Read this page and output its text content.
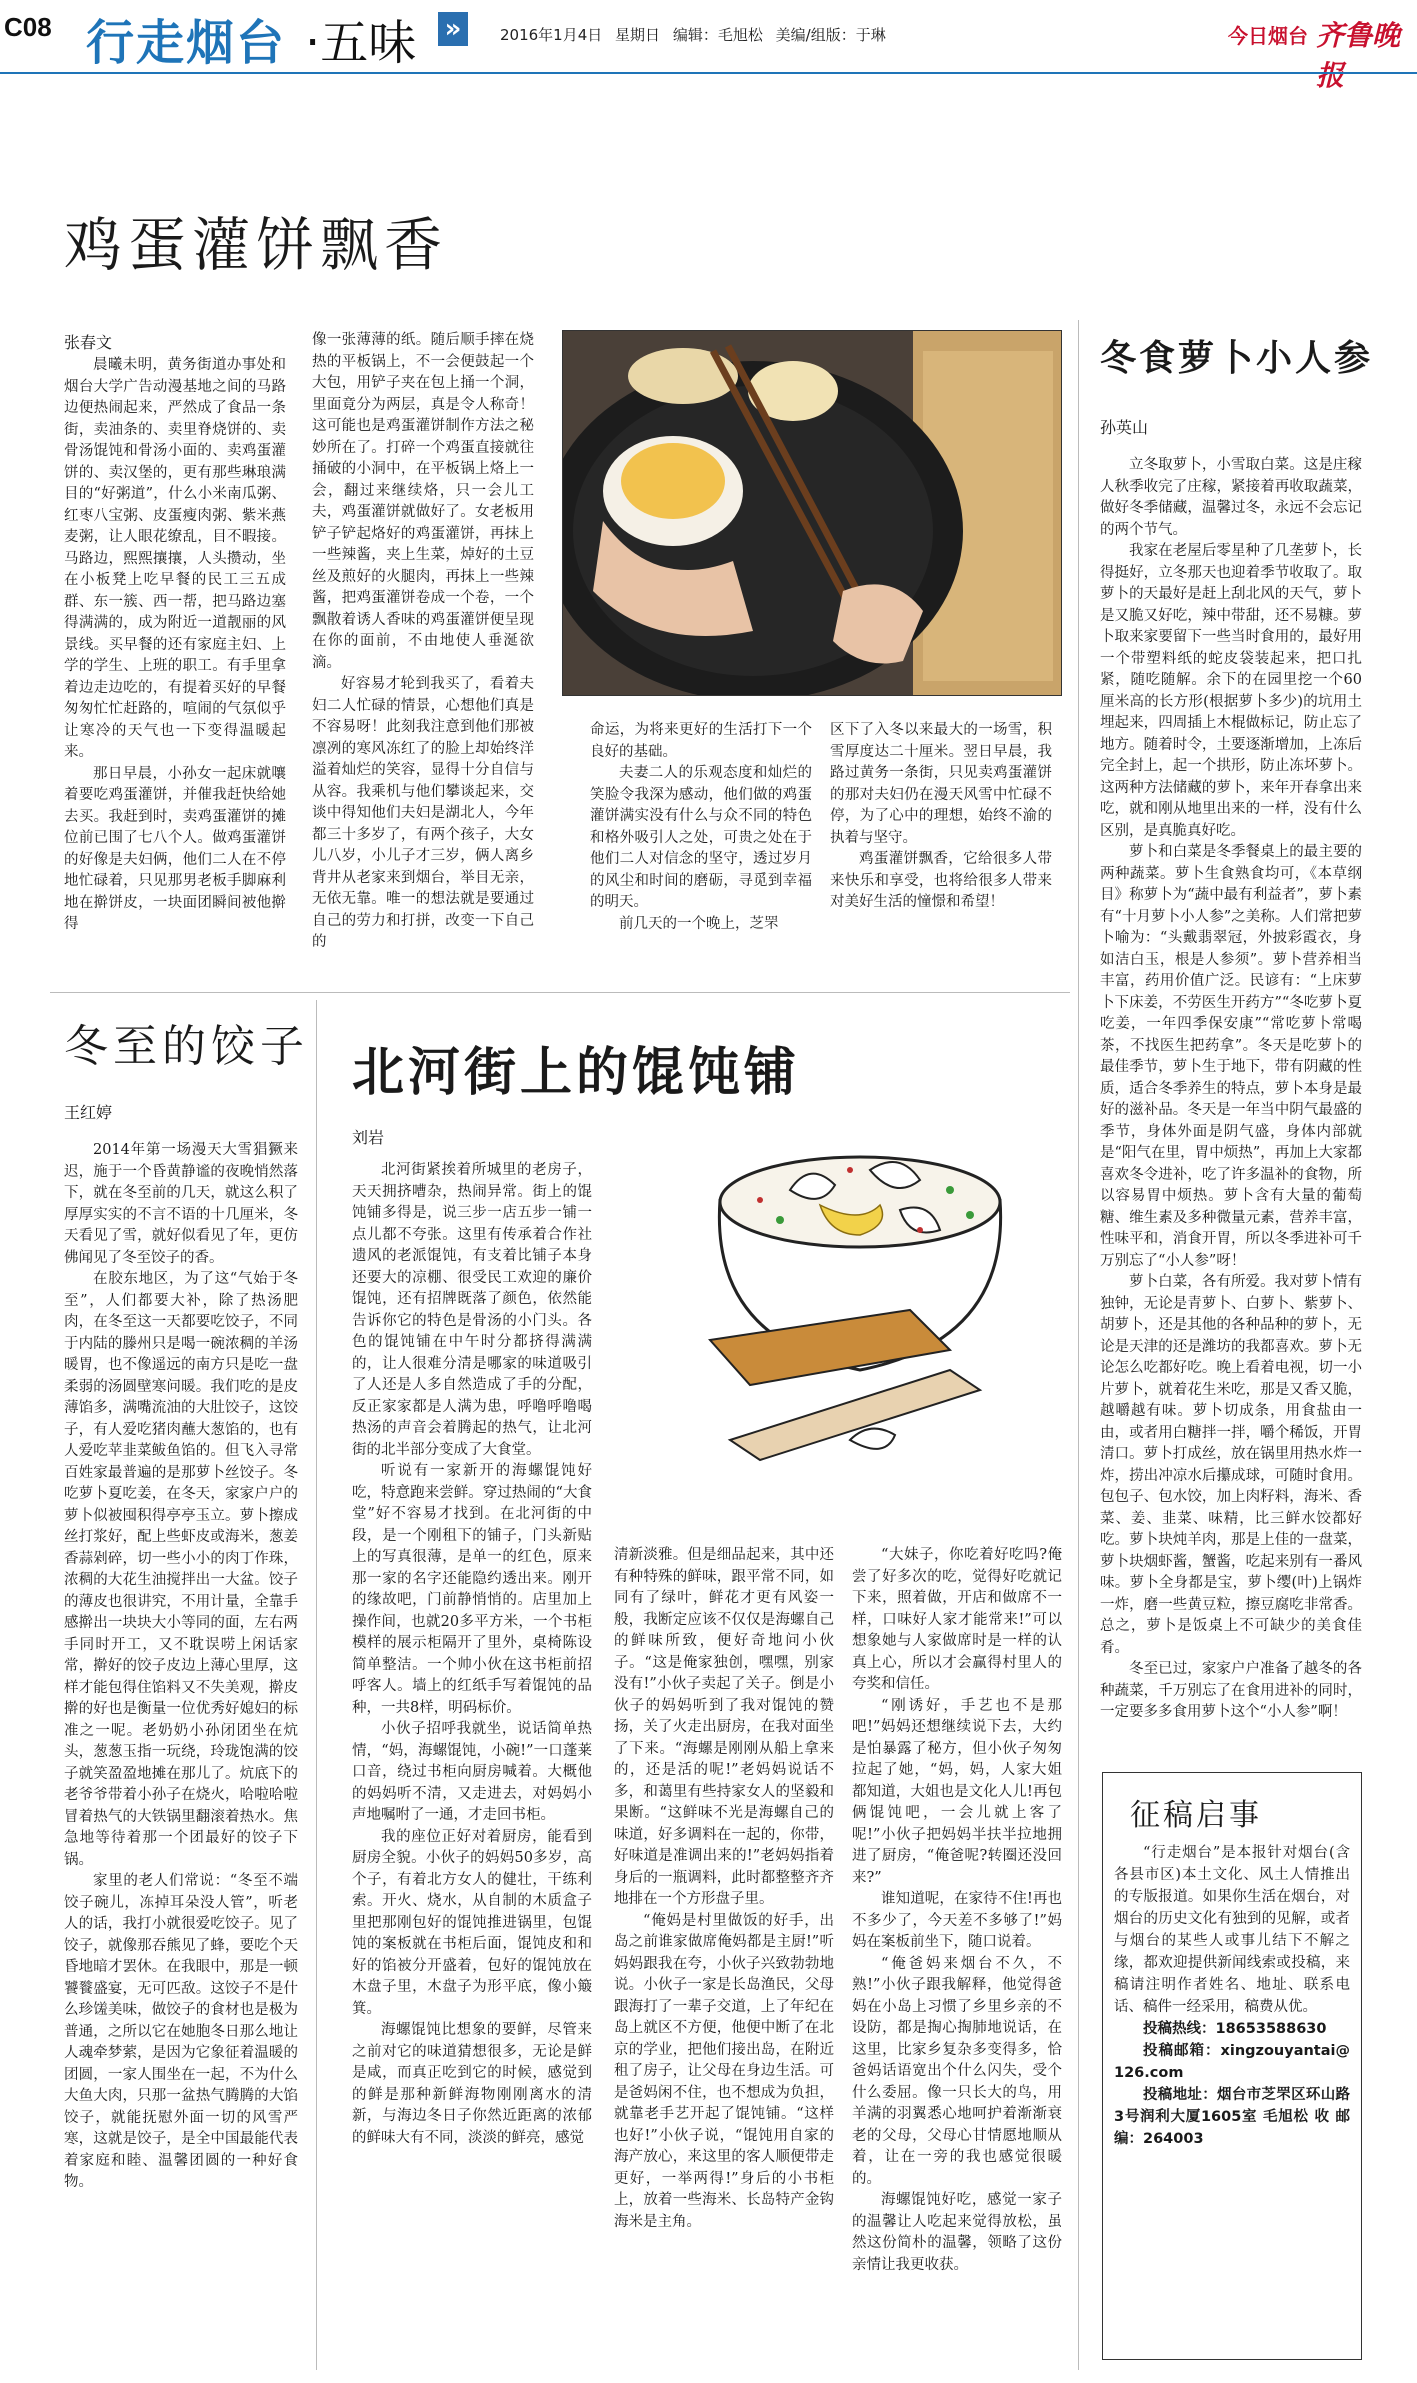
C08 行走烟台 ·五味 »	2016年1月4日 星期日 编辑：毛旭松 美编/组版：于琳	今日烟台 齐鲁晚报
鸡蛋灌饼飘香
张春文

晨曦未明，黄务街道办事处和烟台大学广告动漫基地之间的马路边便热闹起来，严然成了食品一条街，卖油条的、卖里脊烧饼的、卖骨汤馄饨和骨汤小面的、卖鸡蛋灌饼的、卖汉堡的，更有那些琳琅满目的“好粥道”，什么小米南瓜粥、红枣八宝粥、皮蛋瘦肉粥、紫米燕麦粥，让人眼花缭乱，目不暇接。马路边，熙熙攘攘，人头攒动，坐在小板凳上吃早餐的民工三五成群、东一簇、西一帮，把马路边塞得满满的，成为附近一道靓丽的风景线。买早餐的还有家庭主妇、上学的学生、上班的职工。有手里拿着边走边吃的，有提着买好的早餐匆匆忙忙赶路的，喧闹的气氛似乎让寒冷的天气也一下变得温暖起来。

那日早晨，小孙女一起床就嚷着要吃鸡蛋灌饼，并催我赶快给她去买。我赶到时，卖鸡蛋灌饼的摊位前已围了七八个人。做鸡蛋灌饼的好像是夫妇俩，他们二人在不停地忙碌着，只见那男老板手脚麻利地在擀饼皮，一块面团瞬间被他擀得

像一张薄薄的纸。随后顺手摔在烧热的平板锅上，不一会便鼓起一个大包，用铲子夹在包上捅一个洞，里面竟分为两层，真是令人称奇！这可能也是鸡蛋灌饼制作方法之秘妙所在了。打碎一个鸡蛋直接就往捅破的小洞中，在平板锅上烙上一会，翻过来继续烙，只一会儿工夫，鸡蛋灌饼就做好了。女老板用铲子铲起烙好的鸡蛋灌饼，再抹上一些辣酱，夹上生菜，焯好的土豆丝及煎好的火腿肉，再抹上一些辣酱，把鸡蛋灌饼卷成一个卷，一个飘散着诱人香味的鸡蛋灌饼便呈现在你的面前，不由地使人垂涎欲滴。

好容易才轮到我买了，看着夫妇二人忙碌的情景，心想他们真是不容易呀！此刻我注意到他们那被凛冽的寒风冻红了的脸上却始终洋溢着灿烂的笑容，显得十分自信与从容。我乘机与他们攀谈起来，交谈中得知他们夫妇是湖北人，今年都三十多岁了，有两个孩子，大女儿八岁，小儿子才三岁，俩人离乡背井从老家来到烟台，举目无亲，无依无靠。唯一的想法就是要通过自己的劳力和打拼，改变一下自己的

命运，为将来更好的生活打下一个良好的基础。

夫妻二人的乐观态度和灿烂的笑脸令我深为感动，他们做的鸡蛋灌饼满实没有什么与众不同的特色和格外吸引人之处，可贵之处在于他们二人对信念的坚守，透过岁月的风尘和时间的磨砺，寻觅到幸福的明天。

前几天的一个晚上，芝罘

区下了入冬以来最大的一场雪，积雪厚度达二十厘米。翌日早晨，我路过黄务一条街，只见卖鸡蛋灌饼的那对夫妇仍在漫天风雪中忙碌不停，为了心中的理想，始终不渝的执着与坚守。

鸡蛋灌饼飘香，它给很多人带来快乐和享受，也将给很多人带来对美好生活的憧憬和希望！

冬食萝卜小人参
孙英山

立冬取萝卜，小雪取白菜。这是庄稼人秋季收完了庄稼，紧接着再收取蔬菜，做好冬季储藏，温馨过冬，永远不会忘记的两个节气。

我家在老屋后零星种了几垄萝卜，长得挺好，立冬那天也迎着季节收取了。取萝卜的天最好是赶上刮北风的天气，萝卜是又脆又好吃，辣中带甜，还不易糠。萝卜取来家要留下一些当时食用的，最好用一个带塑料纸的蛇皮袋装起来，把口扎紧，随吃随解。余下的在园里挖一个60厘米高的长方形(根据萝卜多少)的坑用土埋起来，四周插上木棍做标记，防止忘了地方。随着时令，土要逐渐增加，上冻后完全封上，起一个拱形，防止冻坏萝卜。这两种方法储藏的萝卜，来年开春拿出来吃，就和刚从地里出来的一样，没有什么区别，是真脆真好吃。

萝卜和白菜是冬季餐桌上的最主要的两种蔬菜。萝卜生食熟食均可，《本草纲目》称萝卜为“蔬中最有利益者”，萝卜素有“十月萝卜小人参”之美称。人们常把萝卜喻为：“头戴翡翠冠，外披彩霞衣，身如洁白玉，根是人参须”。萝卜营养相当丰富，药用价值广泛。民谚有：“上床萝卜下床姜，不劳医生开药方”“冬吃萝卜夏吃姜，一年四季保安康”“常吃萝卜常喝茶，不找医生把药拿”。冬天是吃萝卜的最佳季节，萝卜生于地下，带有阴藏的性质，适合冬季养生的特点，萝卜本身是最好的滋补品。冬天是一年当中阴气最盛的季节，身体外面是阴气盛，身体内部就是“阳气在里，胃中烦热”，再加上大家都喜欢冬令进补，吃了许多温补的食物，所以容易胃中烦热。萝卜含有大量的葡萄糖、维生素及多种微量元素，营养丰富，性味平和，消食开胃，所以冬季进补可千万别忘了“小人参”呀！

萝卜白菜，各有所爱。我对萝卜情有独钟，无论是青萝卜、白萝卜、紫萝卜、胡萝卜，还是其他的各种品种的萝卜，无论是天津的还是潍坊的我都喜欢。萝卜无论怎么吃都好吃。晚上看着电视，切一小片萝卜，就着花生米吃，那是又香又脆，越嚼越有味。萝卜切成条，用食盐由一由，或者用白糖拌一拌，嚼个稀饭，开胃清口。萝卜打成丝，放在锅里用热水炸一炸，捞出冲凉水后攥成球，可随时食用。包包子、包水饺，加上肉籽料，海米、香菜、姜、韭菜、味精，比三鲜水饺都好吃。萝卜块炖羊肉，那是上佳的一盘菜，萝卜块烟虾酱，蟹酱，吃起来别有一番风味。萝卜全身都是宝，萝卜缨(叶)上锅炸一炸，磨一些黄豆粒，擦豆腐吃非常香。总之，萝卜是饭桌上不可缺少的美食佳肴。

冬至已过，家家户户准备了越冬的各种蔬菜，千万别忘了在食用进补的同时，一定要多多食用萝卜这个“小人参”啊！

征稿启事

“行走烟台”是本报针对烟台(含各县市区)本土文化、风土人情推出的专版报道。如果你生活在烟台，对烟台的历史文化有独到的见解，或者与烟台的某些人或事儿结下不解之缘，都欢迎提供新闻线索或投稿，来稿请注明作者姓名、地址、联系电话、稿件一经采用，稿费从优。

投稿热线：18653588630
投稿邮箱：xingzouyantai@126.com
投稿地址：烟台市芝罘区环山路3号润利大厦1605室 毛旭松 收 邮编：264003
冬至的饺子
王红婷

2014年第一场漫天大雪猖獗来迟，施于一个昏黄静谧的夜晚悄然落下，就在冬至前的几天，就这么积了厚厚实实的不言不语的十几厘米，冬天看见了雪，就好似看见了年，更仿佛闻见了冬至饺子的香。

在胶东地区，为了这“气始于冬至”，人们都要大补，除了热汤肥肉，在冬至这一天都要吃饺子，不同于内陆的滕州只是喝一碗浓稠的羊汤暖胃，也不像遥远的南方只是吃一盘柔弱的汤圆壁寒问暖。我们吃的是皮薄馅多，满嘴流油的大肚饺子，这饺子，有人爱吃猪肉蘸大葱馅的，也有人爱吃苹韭菜鲅鱼馅的。但飞入寻常百姓家最普遍的是那萝卜丝饺子。冬吃萝卜夏吃姜，在冬天，家家户户的萝卜似被囤积得亭亭玉立。萝卜擦成丝打浆好，配上些虾皮或海米，葱姜香蒜剁碎，切一些小小的肉丁作珠，浓稠的大花生油搅拌出一大盆。饺子的薄皮也很讲究，不用计量，全靠手感擀出一块块大小等同的面，左右两手同时开工，又不耽误唠上闲话家常，擀好的饺子皮边上薄心里厚，这样才能包得住馅料又不失美观，擀皮擀的好也是衡量一位优秀好媳妇的标准之一呢。老奶奶小孙闭团坐在炕头，葱葱玉指一玩绕，玲珑饱满的饺子就笑盈盈地摊在那儿了。炕底下的老爷爷带着小孙子在烧火，哈啦哈啦冒着热气的大铁锅里翻滚着热水。焦急地等待着那一个团最好的饺子下锅。

家里的老人们常说：“冬至不端饺子碗儿，冻掉耳朵没人管”，听老人的话，我打小就很爱吃饺子。见了饺子，就像那吞熊见了蜂，要吃个天昏地暗才罢休。在我眼中，那是一顿饕餮盛宴，无可匹敌。这饺子不是什么珍馐美味，做饺子的食材也是极为普通，之所以它在她胞冬日那么地让人魂牵梦萦，是因为它象征着温暖的团圆，一家人围坐在一起，不为什么大鱼大肉，只那一盆热气腾腾的大馅饺子，就能抚慰外面一切的风雪严寒，这就是饺子，是全中国最能代表着家庭和睦、温馨团圆的一种好食物。

北河街上的馄饨铺
刘岩

北河街紧挨着所城里的老房子，天天拥挤嘈杂，热闹异常。街上的馄饨铺多得是，说三步一店五步一铺一点儿都不夸张。这里有传承着合作社遗风的老派馄饨，有支着比铺子本身还要大的凉棚、很受民工欢迎的廉价馄饨，还有招牌既落了颜色，依然能告诉你它的特色是骨汤的小门头。各色的馄饨铺在中午时分都挤得满满的，让人很难分清是哪家的味道吸引了人还是人多自然造成了手的分配，反正家家都是人满为患，呼噜呼噜喝热汤的声音会着腾起的热气，让北河街的北半部分变成了大食堂。

听说有一家新开的海螺馄饨好吃，特意跑来尝鲜。穿过热闹的“大食堂”好不容易才找到。在北河街的中段，是一个刚租下的铺子，门头新贴上的写真很薄，是单一的红色，原来那一家的名字还能隐约透出来。刚开的缘故吧，门前静悄悄的。店里加上操作间，也就20多平方米，一个书柜模样的展示柜隔开了里外，桌椅陈设简单整洁。一个帅小伙在这书柜前招呼客人。墙上的红纸手写着馄饨的品种，一共8样，明码标价。

小伙子招呼我就坐，说话简单热情，“妈，海螺馄饨，小碗!”一口蓬莱口音，绕过书柜向厨房喊着。大概他的妈妈听不清，又走进去，对妈妈小声地嘱咐了一通，才走回书柜。

我的座位正好对着厨房，能看到厨房全貌。小伙子的妈妈50多岁，高个子，有着北方女人的健壮，干练利索。开火、烧水，从自制的木质盒子里把那刚包好的馄饨推进锅里，包馄饨的案板就在书柜后面，馄饨皮和和好的馅被分开盛着，包好的馄饨放在木盘子里，木盘子为形平底，像小簸箕。

海螺馄饨比想象的要鲜，尽管来之前对它的味道猜想很多，无论是鲜是咸，而真正吃到它的时候，感觉到的鲜是那种新鲜海物刚刚离水的清新，与海边冬日子你然近距离的浓郁的鲜味大有不同，淡淡的鲜亮，感觉

清新淡雅。但是细品起来，其中还有种特殊的鲜味，跟平常不同，如同有了绿叶，鲜花才更有风姿一般，我断定应该不仅仅是海螺自己的鲜味所致，便好奇地问小伙子。“这是俺家独创，嘿嘿，别家没有!”小伙子卖起了关子。倒是小伙子的妈妈听到了我对馄饨的赞扬，关了火走出厨房，在我对面坐了下来。“海螺是刚刚从船上拿来的，还是活的呢!”老妈妈说话不多，和蔼里有些持家女人的坚毅和果断。“这鲜味不光是海螺自己的味道，好多调料在一起的，你带，好味道是准调出来的!”老妈妈指着身后的一瓶调料，此时都整整齐齐地排在一个方形盘子里。

“俺妈是村里做饭的好手，出岛之前谁家做席俺妈都是主厨!”听妈妈跟我在夸，小伙子兴致勃勃地说。小伙子一家是长岛渔民，父母跟海打了一辈子交道，上了年纪在岛上就区不方便，他便中断了在北京的学业，把他们接出岛，在附近租了房子，让父母在身边生活。可是爸妈闲不住，也不想成为负担，就靠老手艺开起了馄饨铺。“这样也好!”小伙子说，“馄饨用自家的海产放心，来这里的客人顺便带走更好，一举两得!”身后的小书柜上，放着一些海米、长岛特产金钩海米是主角。

“大妹子，你吃着好吃吗?俺尝了好多次的吃，觉得好吃就记下来，照着做，开店和做席不一样，口味好人家才能常来!”可以想象她与人家做席时是一样的认真上心，所以才会赢得村里人的夸奖和信任。

“刚诱好，手艺也不是那吧!”妈妈还想继续说下去，大约是怕暴露了秘方，但小伙子匆匆拉起了她，“妈，妈，人家大姐都知道，大姐也是文化人儿!再包俩馄饨吧，一会儿就上客了呢!”小伙子把妈妈半扶半拉地拥进了厨房，“俺爸呢?转圈还没回来?”

谁知道呢，在家待不住!再也不多少了，今天差不多够了!”妈妈在案板前坐下，随口说着。

“俺爸妈来烟台不久，不熟!”小伙子跟我解释，他觉得爸妈在小岛上习惯了乡里乡亲的不设防，都是掏心掏肺地说话，在这里，比家乡复杂多变得多，恰爸妈话语宽出个什么闪失，受个什么委屈。像一只长大的鸟，用羊满的羽翼悉心地呵护着渐渐衰老的父母，父母心甘情愿地顺从着，让在一旁的我也感觉很暖的。

海螺馄饨好吃，感觉一家子的温馨让人吃起来觉得放松，虽然这份简朴的温馨，领略了这份亲情让我更收获。
